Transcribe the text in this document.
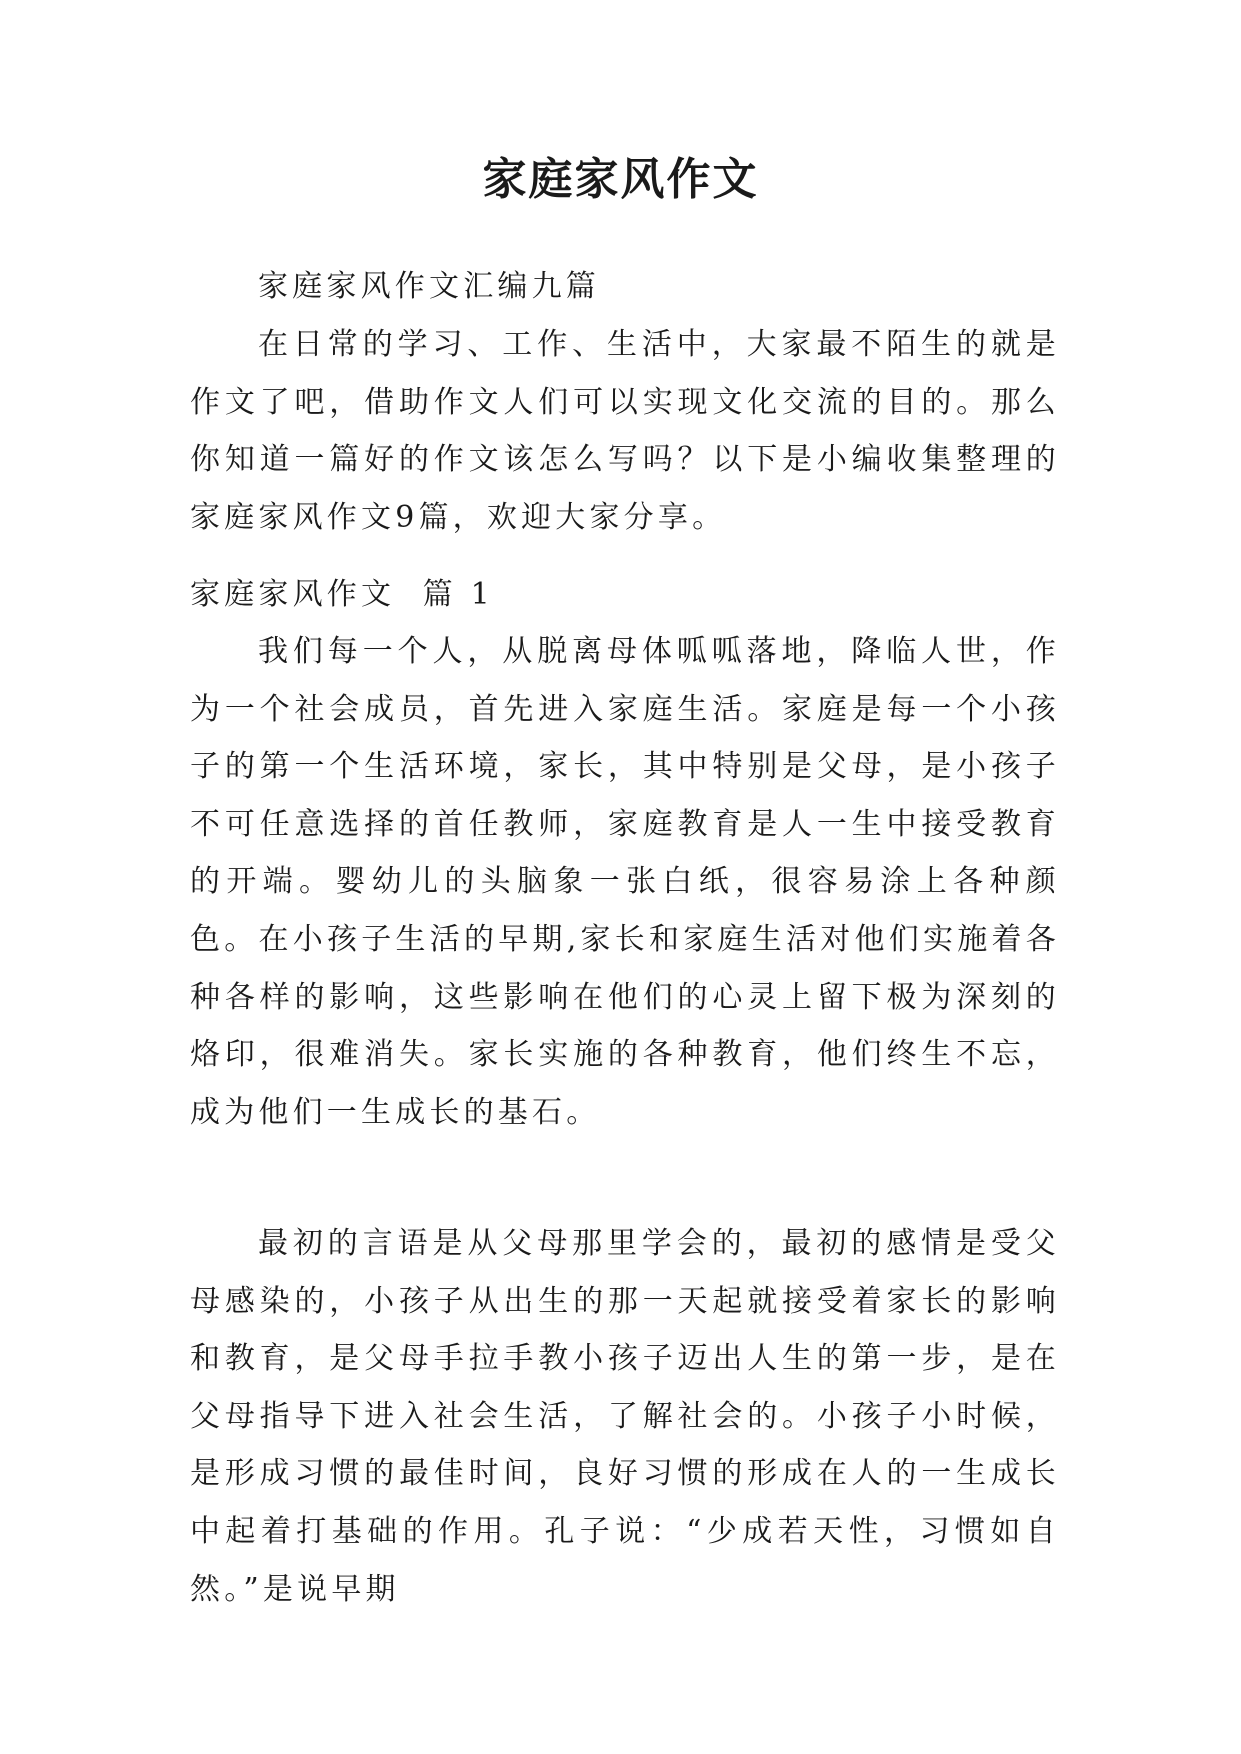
家庭家风作文

家庭家风作文汇编九篇

在日常的学习、工作、生活中，大家最不陌生的就是作文了吧，借助作文人们可以实现文化交流的目的。那么你知道一篇好的作文该怎么写吗？以下是小编收集整理的家庭家风作文9篇，欢迎大家分享。

家庭家风作文  篇 1

我们每一个人，从脱离母体呱呱落地，降临人世，作为一个社会成员，首先进入家庭生活。家庭是每一个小孩子的第一个生活环境，家长，其中特别是父母，是小孩子不可任意选择的首任教师，家庭教育是人一生中接受教育的开端。婴幼儿的头脑象一张白纸，很容易涂上各种颜色。在小孩子生活的早期,家长和家庭生活对他们实施着各种各样的影响，这些影响在他们的心灵上留下极为深刻的烙印，很难消失。家长实施的各种教育，他们终生不忘，成为他们一生成长的基石。

最初的言语是从父母那里学会的，最初的感情是受父母感染的，小孩子从出生的那一天起就接受着家长的影响和教育，是父母手拉手教小孩子迈出人生的第一步，是在父母指导下进入社会生活，了解社会的。小孩子小时候，是形成习惯的最佳时间，良好习惯的形成在人的一生成长中起着打基础的作用。孔子说：“少成若天性，习惯如自然。”是说早期
